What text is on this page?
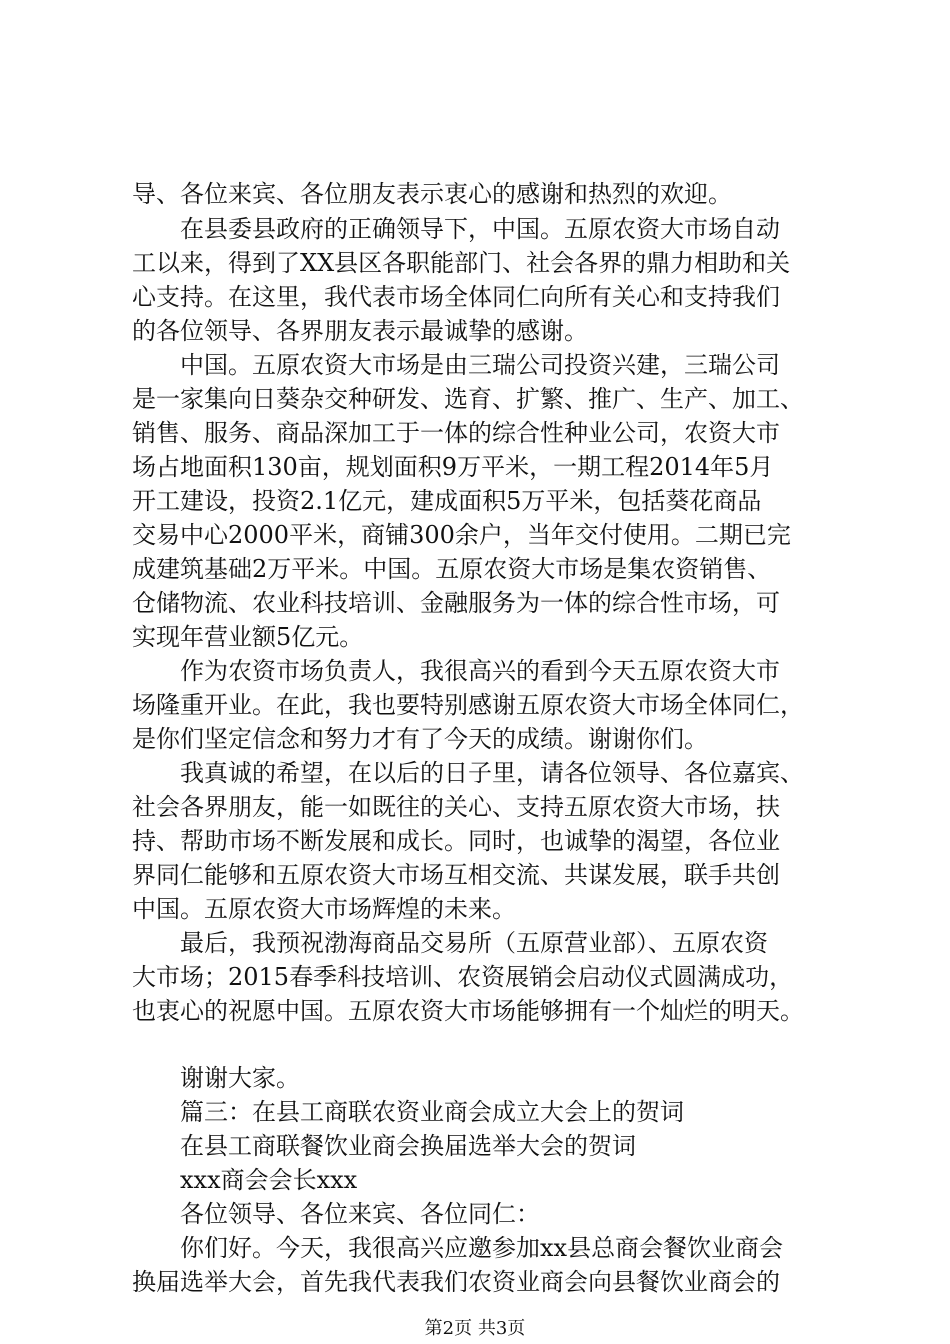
导、各位来宾、各位朋友表示衷心的感谢和热烈的欢迎。
在县委县政府的正确领导下，中国。五原农资大市场自动
工以来，得到了XX县区各职能部门、社会各界的鼎力相助和关
心支持。在这里，我代表市场全体同仁向所有关心和支持我们
的各位领导、各界朋友表示最诚挚的感谢。
中国。五原农资大市场是由三瑞公司投资兴建，三瑞公司
是一家集向日葵杂交种研发、选育、扩繁、推广、生产、加工、
销售、服务、商品深加工于一体的综合性种业公司，农资大市
场占地面积130亩，规划面积9万平米，一期工程2014年5月
开工建设，投资2.1亿元，建成面积5万平米，包括葵花商品
交易中心2000平米，商铺300余户，当年交付使用。二期已完
成建筑基础2万平米。中国。五原农资大市场是集农资销售、
仓储物流、农业科技培训、金融服务为一体的综合性市场，可
实现年营业额5亿元。
作为农资市场负责人，我很高兴的看到今天五原农资大市
场隆重开业。在此，我也要特别感谢五原农资大市场全体同仁，
是你们坚定信念和努力才有了今天的成绩。谢谢你们。
我真诚的希望，在以后的日子里，请各位领导、各位嘉宾、
社会各界朋友，能一如既往的关心、支持五原农资大市场，扶
持、帮助市场不断发展和成长。同时，也诚挚的渴望，各位业
界同仁能够和五原农资大市场互相交流、共谋发展，联手共创
中国。五原农资大市场辉煌的未来。
最后，我预祝渤海商品交易所（五原营业部）、五原农资
大市场；2015春季科技培训、农资展销会启动仪式圆满成功，
也衷心的祝愿中国。五原农资大市场能够拥有一个灿烂的明天。
谢谢大家。
篇三：在县工商联农资业商会成立大会上的贺词
在县工商联餐饮业商会换届选举大会的贺词
xxx商会会长xxx
各位领导、各位来宾、各位同仁：
你们好。今天，我很高兴应邀参加xx县总商会餐饮业商会
换届选举大会，首先我代表我们农资业商会向县餐饮业商会的
第2页 共3页
